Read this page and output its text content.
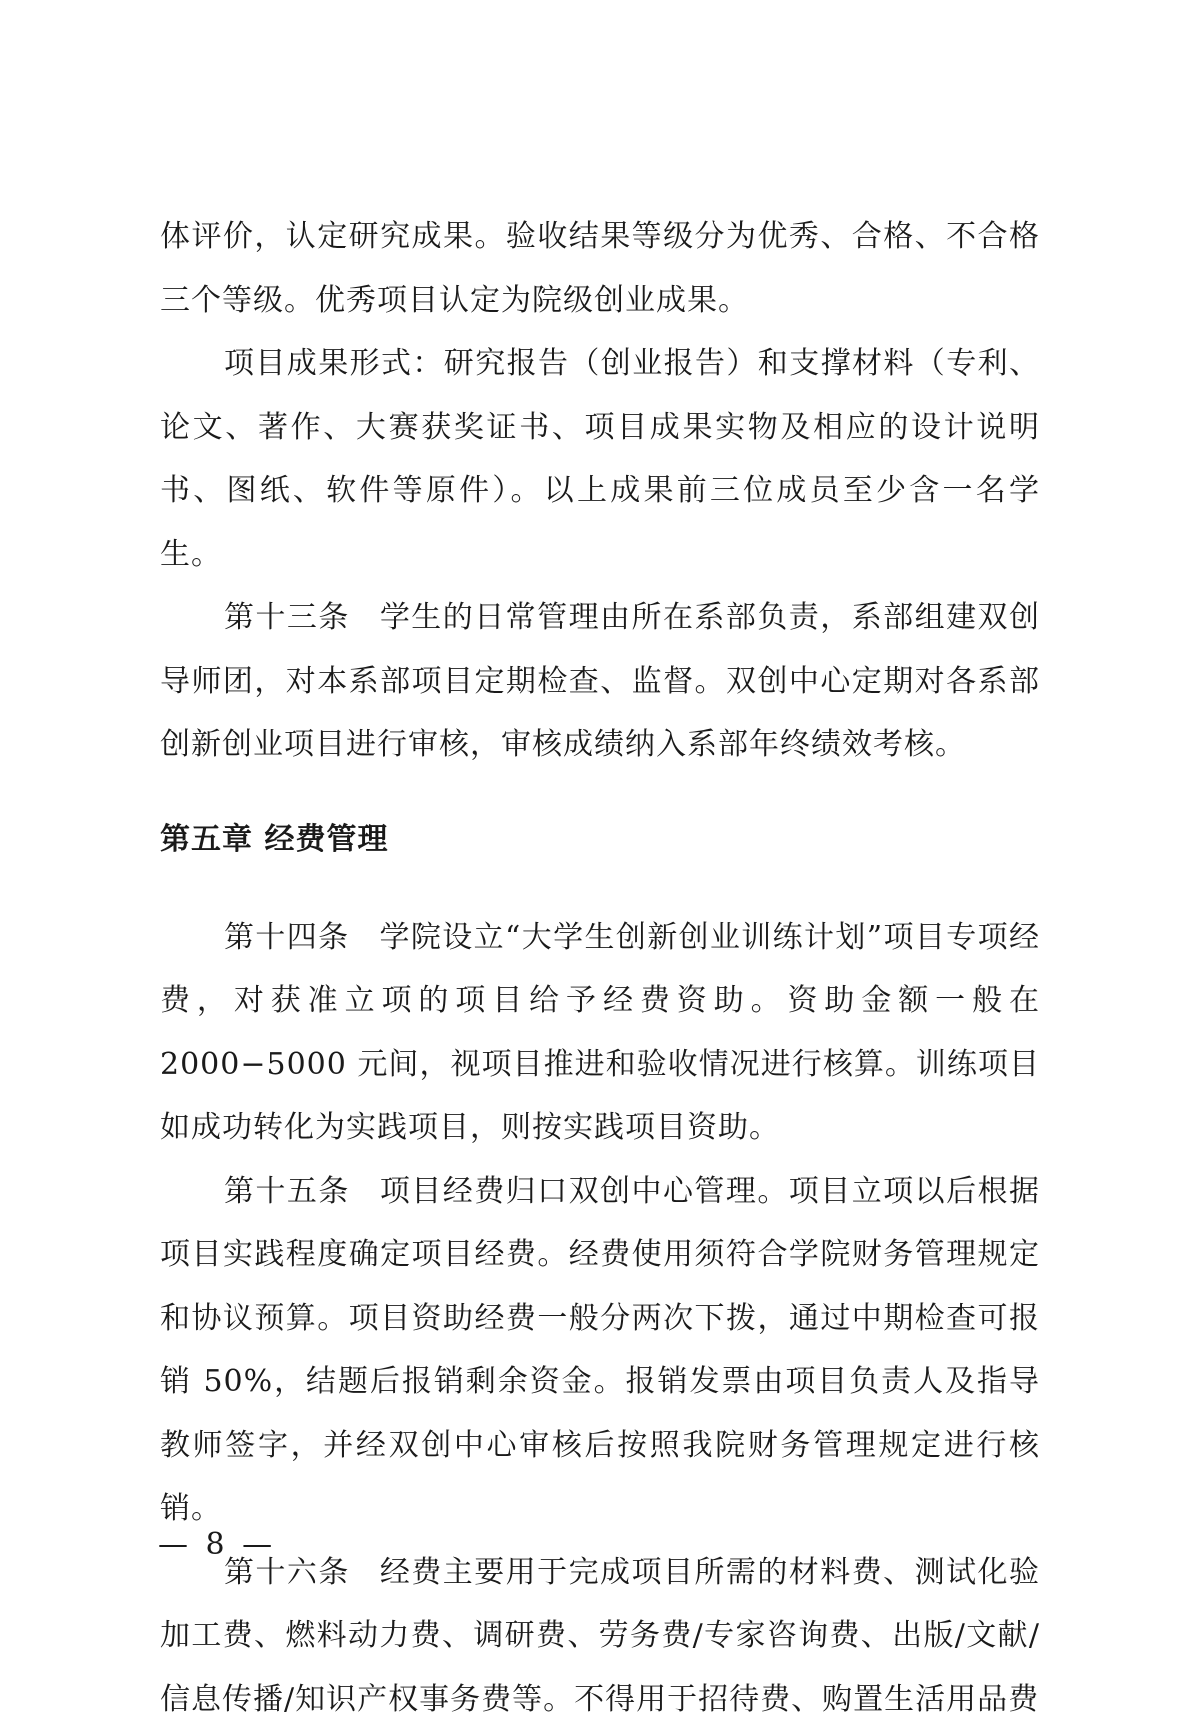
体评价，认定研究成果。验收结果等级分为优秀、合格、不合格三个等级。优秀项目认定为院级创业成果。

项目成果形式：研究报告（创业报告）和支撑材料（专利、论文、著作、大赛获奖证书、项目成果实物及相应的设计说明书、图纸、软件等原件）。以上成果前三位成员至少含一名学生。

第十三条 学生的日常管理由所在系部负责，系部组建双创导师团，对本系部项目定期检查、监督。双创中心定期对各系部创新创业项目进行审核，审核成绩纳入系部年终绩效考核。

第五章 经费管理

第十四条 学院设立“大学生创新创业训练计划”项目专项经费，对获准立项的项目给予经费资助。资助金额一般在 2000−5000 元间，视项目推进和验收情况进行核算。训练项目如成功转化为实践项目，则按实践项目资助。

第十五条 项目经费归口双创中心管理。项目立项以后根据项目实践程度确定项目经费。经费使用须符合学院财务管理规定和协议预算。项目资助经费一般分两次下拨，通过中期检查可报销 50%，结题后报销剩余资金。报销发票由项目负责人及指导教师签字，并经双创中心审核后按照我院财务管理规定进行核销。

第十六条 经费主要用于完成项目所需的材料费、测试化验加工费、燃料动力费、调研费、劳务费/专家咨询费、出版/文献/信息传播/知识产权事务费等。不得用于招待费、购置生活用品费

— 8 —
